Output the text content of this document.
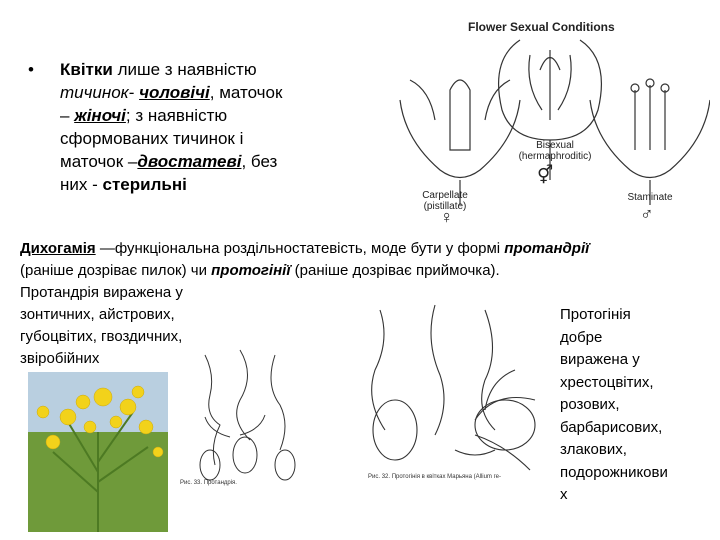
• Квітки лише з наявністю
тичинок- чоловічі, маточок
– жіночі; з наявністю
сформованих тичинок і
маточок –двостатеві, без
них - стерильні
Flower Sexual Conditions
Bisexual
(hermaphroditic)
⚥
Carpellate
(pistillate)
♀
Staminate
♂
Дихогамія —функціональна роздільностатевість, моде бути у формі протандрії
(раніше дозріває пилок) чи протогінії (раніше дозріває приймочка).
Протандрія виражена у
зонтичних, айстрових,
губоцвітих, гвоздичних,
звіробійних
Протогінія
добре
виражена у
хрестоцвітих,
розових,
барбарисових,
злакових,
подорожникови
х
Рис. 33. Протандрія.
Рис. 32. Протогінія в квітках Марьяна (Allium ге-
